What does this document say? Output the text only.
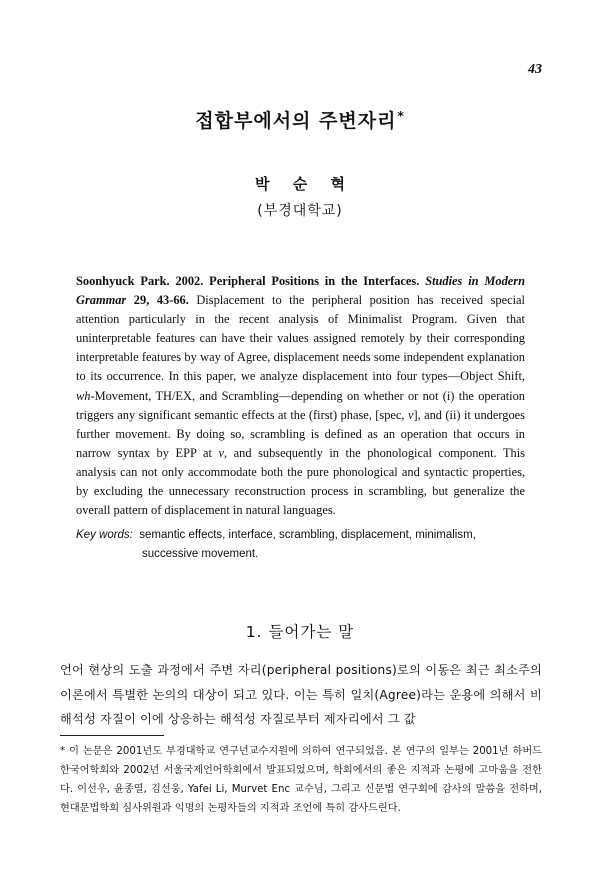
43
접합부에서의 주변자리*
박 순 혁
(부경대학교)
Soonhyuck Park. 2002. Peripheral Positions in the Interfaces. Studies in Modern Grammar 29, 43-66. Displacement to the peripheral position has received special attention particularly in the recent analysis of Minimalist Program. Given that uninterpretable features can have their values assigned remotely by their corresponding interpretable features by way of Agree, displacement needs some independent explanation to its occurrence. In this paper, we analyze displacement into four types—Object Shift, wh-Movement, TH/EX, and Scrambling—depending on whether or not (i) the operation triggers any significant semantic effects at the (first) phase, [spec, v], and (ii) it undergoes further movement. By doing so, scrambling is defined as an operation that occurs in narrow syntax by EPP at v, and subsequently in the phonological component. This analysis can not only accommodate both the pure phonological and syntactic properties, by excluding the unnecessary reconstruction process in scrambling, but generalize the overall pattern of displacement in natural languages.
Key words: semantic effects, interface, scrambling, displacement, minimalism,
successive movement.
1. 들어가는 말
언어 현상의 도출 과정에서 주변 자리(peripheral positions)로의 이동은 최근 최소주의 이론에서 특별한 논의의 대상이 되고 있다. 이는 특히 일치(Agree)라는 운용에 의해서 비해석성 자질이 이에 상응하는 해석성 자질로부터 제자리에서 그 값
* 이 논문은 2001년도 부경대학교 연구년교수지원에 의하여 연구되었음. 본 연구의 일부는 2001년 하버드 한국어학회와 2002년 서울국제언어학회에서 발표되었으며, 학회에서의 좋은 지적과 논평에 고마움을 전한다. 이선우, 윤종열, 김선웅, Yafei Li, Murvet Enc 교수님, 그리고 신문법 연구회에 감사의 말씀을 전하며, 현대문법학회 심사위원과 익명의 논평자들의 지적과 조언에 특히 감사드린다.
